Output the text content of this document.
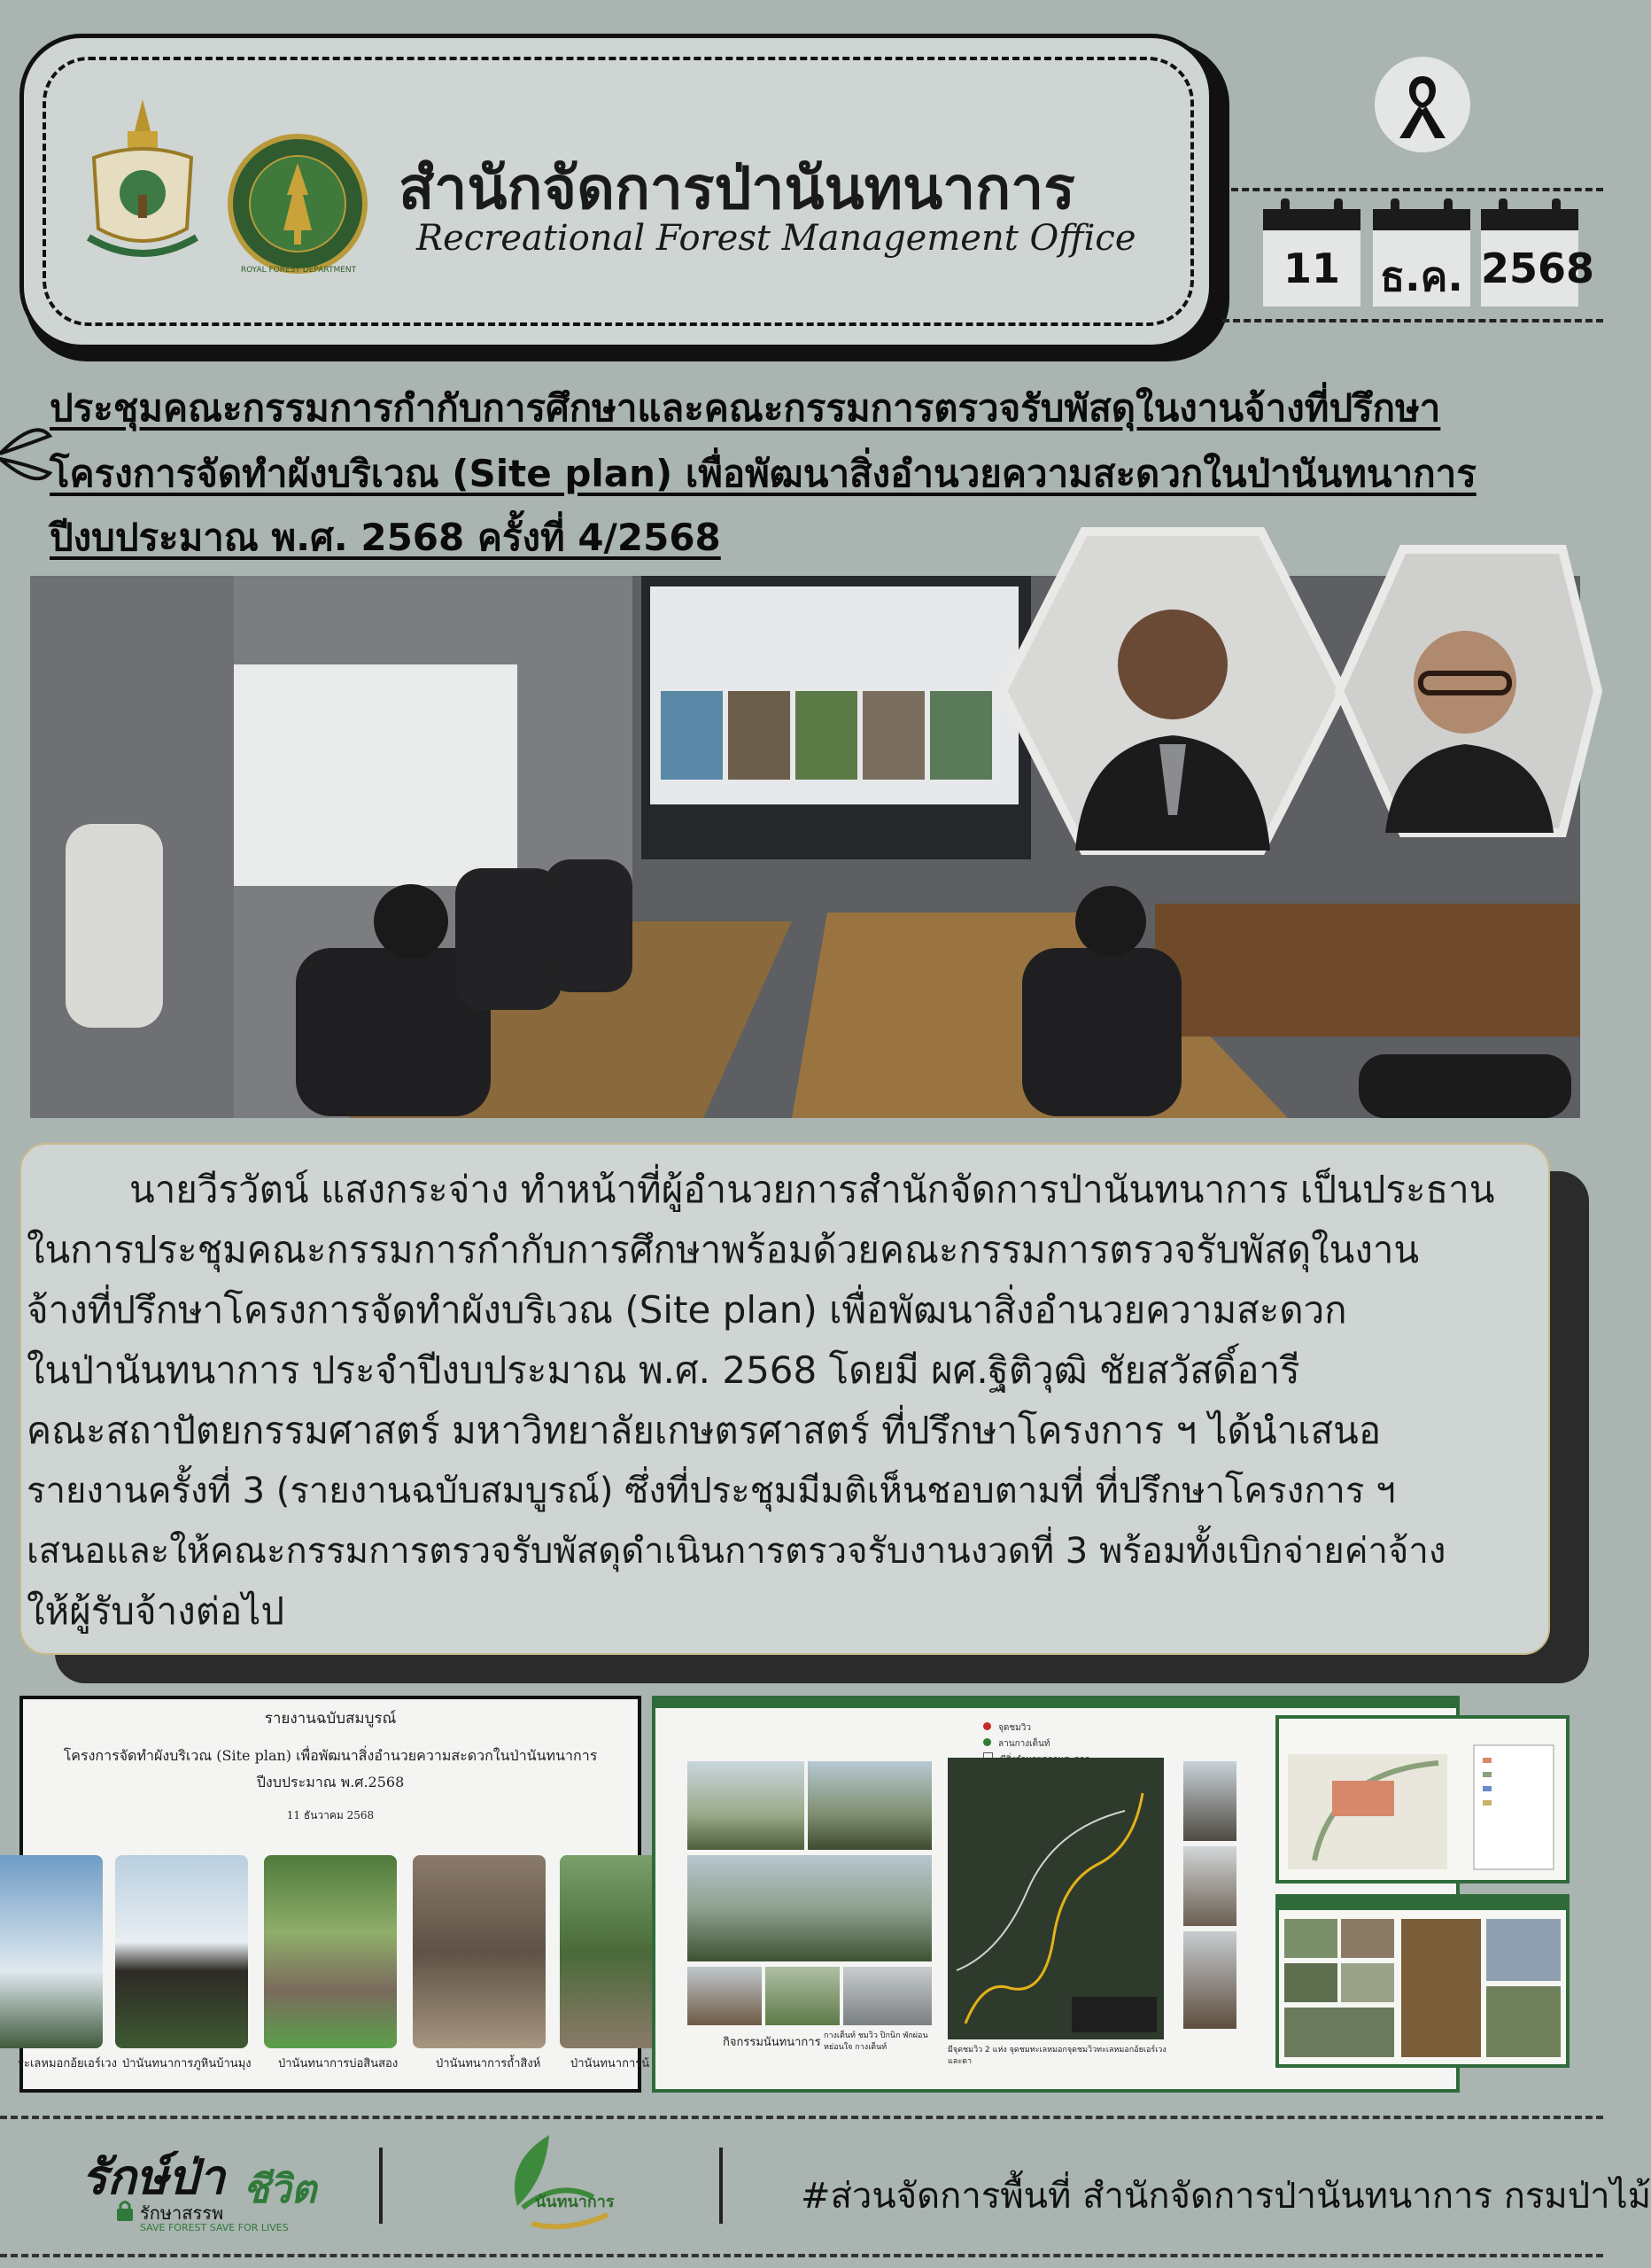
ROYAL FOREST DEPARTMENT
สำนักจัดการป่านันทนาการ
Recreational Forest Management Office
11 ธ.ค. 2568
ประชุมคณะกรรมการกำกับการศึกษาและคณะกรรมการตรวจรับพัสดุในงานจ้างที่ปรึกษา
โครงการจัดทำผังบริเวณ (Site plan) เพื่อพัฒนาสิ่งอำนวยความสะดวกในป่านันทนาการ
ปีงบประมาณ พ.ศ. 2568 ครั้งที่ 4/2568
นายวีรวัตน์ แสงกระจ่าง ทำหน้าที่ผู้อำนวยการสำนักจัดการป่านันทนาการ เป็นประธาน
ในการประชุมคณะกรรมการกำกับการศึกษาพร้อมด้วยคณะกรรมการตรวจรับพัสดุในงาน
จ้างที่ปรึกษาโครงการจัดทำผังบริเวณ (Site plan) เพื่อพัฒนาสิ่งอำนวยความสะดวก
ในป่านันทนาการ ประจำปีงบประมาณ พ.ศ. 2568 โดยมี ผศ.ฐิติวุฒิ ชัยสวัสดิ์อารี
คณะสถาปัตยกรรมศาสตร์ มหาวิทยาลัยเกษตรศาสตร์ ที่ปรึกษาโครงการ ฯ ได้นำเสนอ
รายงานครั้งที่ 3 (รายงานฉบับสมบูรณ์) ซึ่งที่ประชุมมีมติเห็นชอบตามที่ ที่ปรึกษาโครงการ ฯ
เสนอและให้คณะกรรมการตรวจรับพัสดุดำเนินการตรวจรับงานงวดที่ 3 พร้อมทั้งเบิกจ่ายค่าจ้าง
ให้ผู้รับจ้างต่อไป
รายงานฉบับสมบูรณ์
โครงการจัดทำผังบริเวณ (Site plan) เพื่อพัฒนาสิ่งอำนวยความสะดวกในป่านันทนาการ
ปีงบประมาณ พ.ศ.2568
11 ธันวาคม 2568
ระเลหมอกอ้ยเอร์เวง ป่านันทนาการภูหินบ้านมุง ป่านันทนาการบ่อสินสอง	ป่านันทนาการถ้ำสิงห์	ป่านันทนาการน้
จุดชมวิว
ลานกางเต็นท์
กิจกรรมนันทนาการ กางเต็นท์ ชมวิว ปิกนิก พักผ่อนหย่อนใจ กางเต็นท์	มีจุดชมวิว 2 แห่ง จุดชมทะเลหมอกจุดชมวิวทะเลหมอกอ้ยเอร์เวง และตา
รักษ์ป่า ชีวิต
รักษาสรรพ
SAVE FOREST SAVE FOR LIVES
นันทนาการ	#ส่วนจัดการพื้นที่ สำนักจัดการป่านันทนาการ กรมป่าไม้
